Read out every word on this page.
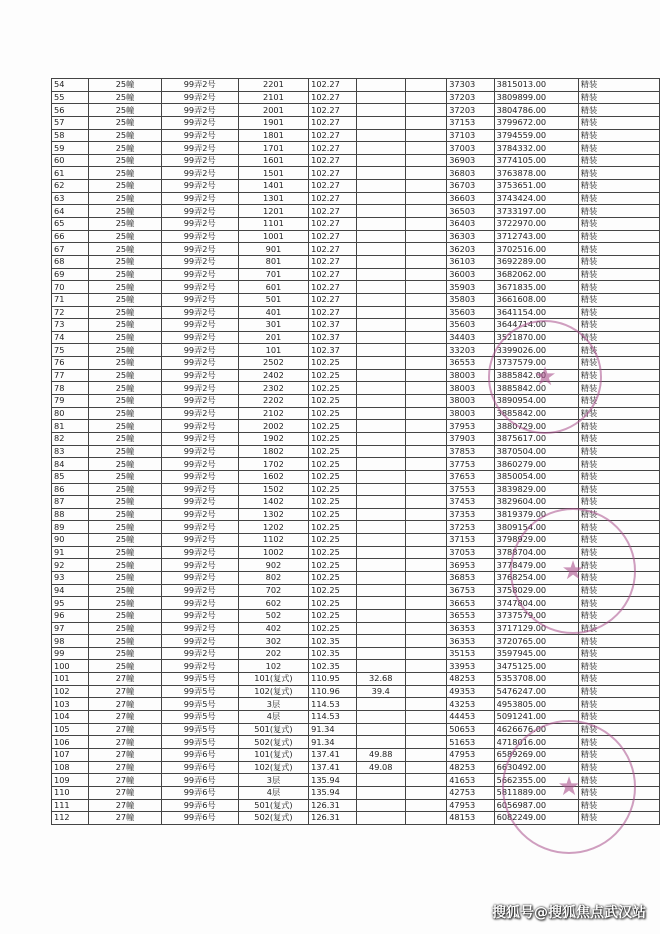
54	25幢	99弄2号	2201	102.27			37303	3815013.00	精装
55	25幢	99弄2号	2101	102.27			37203	3809899.00	精装
56	25幢	99弄2号	2001	102.27			37203	3804786.00	精装
57	25幢	99弄2号	1901	102.27			37153	3799672.00	精装
58	25幢	99弄2号	1801	102.27			37103	3794559.00	精装
59	25幢	99弄2号	1701	102.27			37003	3784332.00	精装
60	25幢	99弄2号	1601	102.27			36903	3774105.00	精装
61	25幢	99弄2号	1501	102.27			36803	3763878.00	精装
62	25幢	99弄2号	1401	102.27			36703	3753651.00	精装
63	25幢	99弄2号	1301	102.27			36603	3743424.00	精装
64	25幢	99弄2号	1201	102.27			36503	3733197.00	精装
65	25幢	99弄2号	1101	102.27			36403	3722970.00	精装
66	25幢	99弄2号	1001	102.27			36303	3712743.00	精装
67	25幢	99弄2号	901	102.27			36203	3702516.00	精装
68	25幢	99弄2号	801	102.27			36103	3692289.00	精装
69	25幢	99弄2号	701	102.27			36003	3682062.00	精装
70	25幢	99弄2号	601	102.27			35903	3671835.00	精装
71	25幢	99弄2号	501	102.27			35803	3661608.00	精装
72	25幢	99弄2号	401	102.27			35603	3641154.00	精装
73	25幢	99弄2号	301	102.37			35603	3644714.00	精装
74	25幢	99弄2号	201	102.37			34403	3521870.00	精装
75	25幢	99弄2号	101	102.37			33203	3399026.00	精装
76	25幢	99弄2号	2502	102.25			36553	3737579.00	精装
77	25幢	99弄2号	2402	102.25			38003	3885842.00	精装
78	25幢	99弄2号	2302	102.25			38003	3885842.00	精装
79	25幢	99弄2号	2202	102.25			38003	3890954.00	精装
80	25幢	99弄2号	2102	102.25			38003	3885842.00	精装
81	25幢	99弄2号	2002	102.25			37953	3880729.00	精装
82	25幢	99弄2号	1902	102.25			37903	3875617.00	精装
83	25幢	99弄2号	1802	102.25			37853	3870504.00	精装
84	25幢	99弄2号	1702	102.25			37753	3860279.00	精装
85	25幢	99弄2号	1602	102.25			37653	3850054.00	精装
86	25幢	99弄2号	1502	102.25			37553	3839829.00	精装
87	25幢	99弄2号	1402	102.25			37453	3829604.00	精装
88	25幢	99弄2号	1302	102.25			37353	3819379.00	精装
89	25幢	99弄2号	1202	102.25			37253	3809154.00	精装
90	25幢	99弄2号	1102	102.25			37153	3798929.00	精装
91	25幢	99弄2号	1002	102.25			37053	3788704.00	精装
92	25幢	99弄2号	902	102.25			36953	3778479.00	精装
93	25幢	99弄2号	802	102.25			36853	3768254.00	精装
94	25幢	99弄2号	702	102.25			36753	3758029.00	精装
95	25幢	99弄2号	602	102.25			36653	3747804.00	精装
96	25幢	99弄2号	502	102.25			36553	3737579.00	精装
97	25幢	99弄2号	402	102.25			36353	3717129.00	精装
98	25幢	99弄2号	302	102.35			36353	3720765.00	精装
99	25幢	99弄2号	202	102.35			35153	3597945.00	精装
100	25幢	99弄2号	102	102.35			33953	3475125.00	精装
101	27幢	99弄5号	101(复式)	110.95	32.68		48253	5353708.00	精装
102	27幢	99弄5号	102(复式)	110.96	39.4		49353	5476247.00	精装
103	27幢	99弄5号	3层	114.53			43253	4953805.00	精装
104	27幢	99弄5号	4层	114.53			44453	5091241.00	精装
105	27幢	99弄5号	501(复式)	91.34			50653	4626676.00	精装
106	27幢	99弄5号	502(复式)	91.34			51653	4718016.00	精装
107	27幢	99弄6号	101(复式)	137.41	49.88		47953	6589269.00	精装
108	27幢	99弄6号	102(复式)	137.41	49.08		48253	6630492.00	精装
109	27幢	99弄6号	3层	135.94			41653	5662355.00	精装
110	27幢	99弄6号	4层	135.94			42753	5811889.00	精装
111	27幢	99弄6号	501(复式)	126.31			47953	6056987.00	精装
112	27幢	99弄6号	502(复式)	126.31			48153	6082249.00	精装
★
★
★
搜狐号@搜狐焦点武汉站
